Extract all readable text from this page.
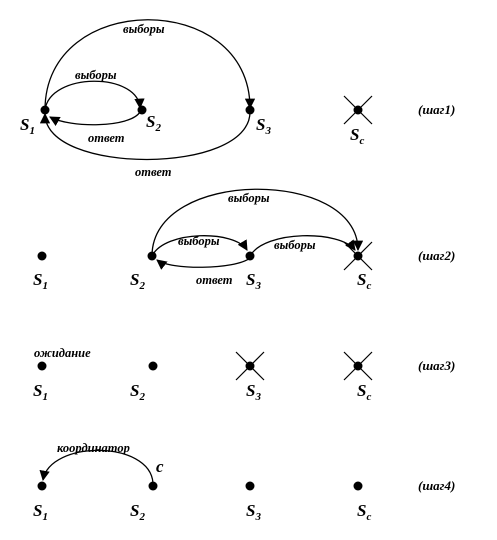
выборы
выборы
ответ
ответ
$S_1$	$S_2$	$S_3$	$S_c$
(шаг1)
выборы
выборы	выборы
ответ
$S_1$	$S_2$	$S_3$	$S_c$
(шаг2)
ожидание
$S_1$	$S_2$	$S_3$	$S_c$
(шаг3)
координатор
c
$S_1$	$S_2$	$S_3$	$S_c$
(шаг4)
